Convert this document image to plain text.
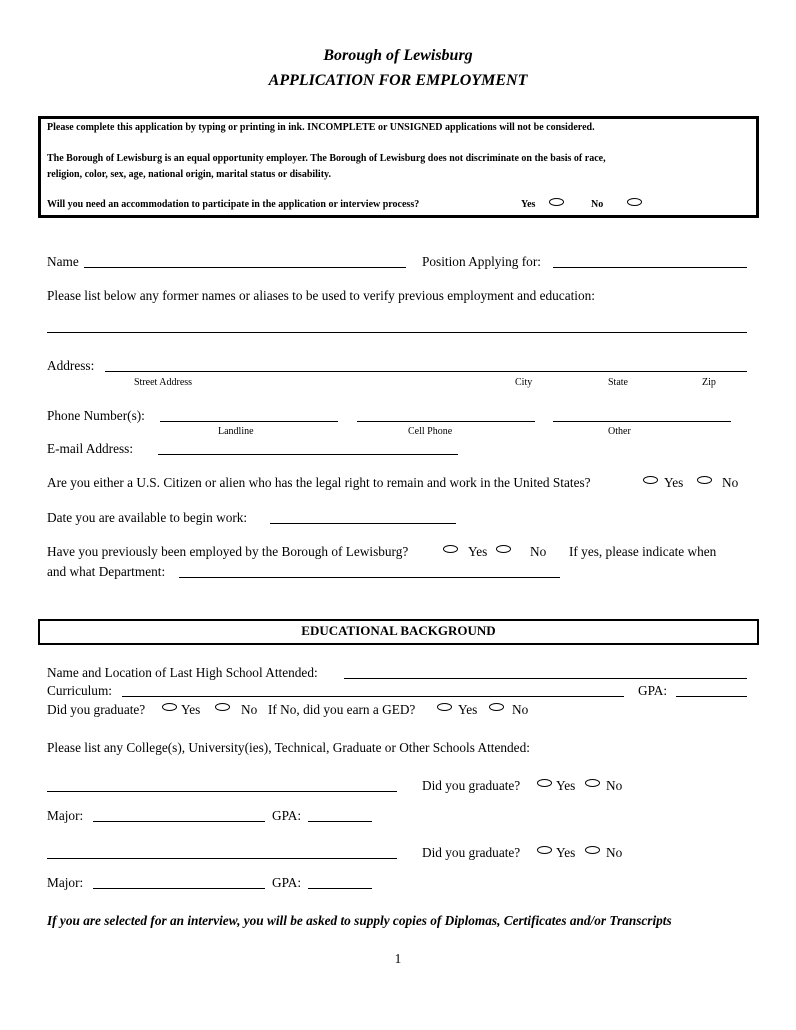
Borough of Lewisburg
APPLICATION FOR EMPLOYMENT
Please complete this application by typing or printing in ink. INCOMPLETE or UNSIGNED applications will not be considered.
The Borough of Lewisburg is an equal opportunity employer. The Borough of Lewisburg does not discriminate on the basis of race,
religion, color, sex, age, national origin, marital status or disability.
Will you need an accommodation to participate in the application or interview process?	Yes	No
Name	Position Applying for:
Please list below any former names or aliases to be used to verify previous employment and education:
Address:
Street Address	City	State	Zip
Phone Number(s):
Landline	Cell Phone	Other
E-mail Address:
Are you either a U.S. Citizen or alien who has the legal right to remain and work in the United States?	Yes	No
Date you are available to begin work:
Have you previously been employed by the Borough of Lewisburg?	Yes	No If yes, please indicate when
and what Department:
EDUCATIONAL BACKGROUND
Name and Location of Last High School Attended:
Curriculum:	GPA:
Did you graduate?	Yes	No If No, did you earn a GED?	Yes	No
Please list any College(s), University(ies), Technical, Graduate or Other Schools Attended:
Did you graduate?	Yes No
Major:	GPA:
Did you graduate?	Yes No
Major:	GPA:
If you are selected for an interview, you will be asked to supply copies of Diplomas, Certificates and/or Transcripts
1
